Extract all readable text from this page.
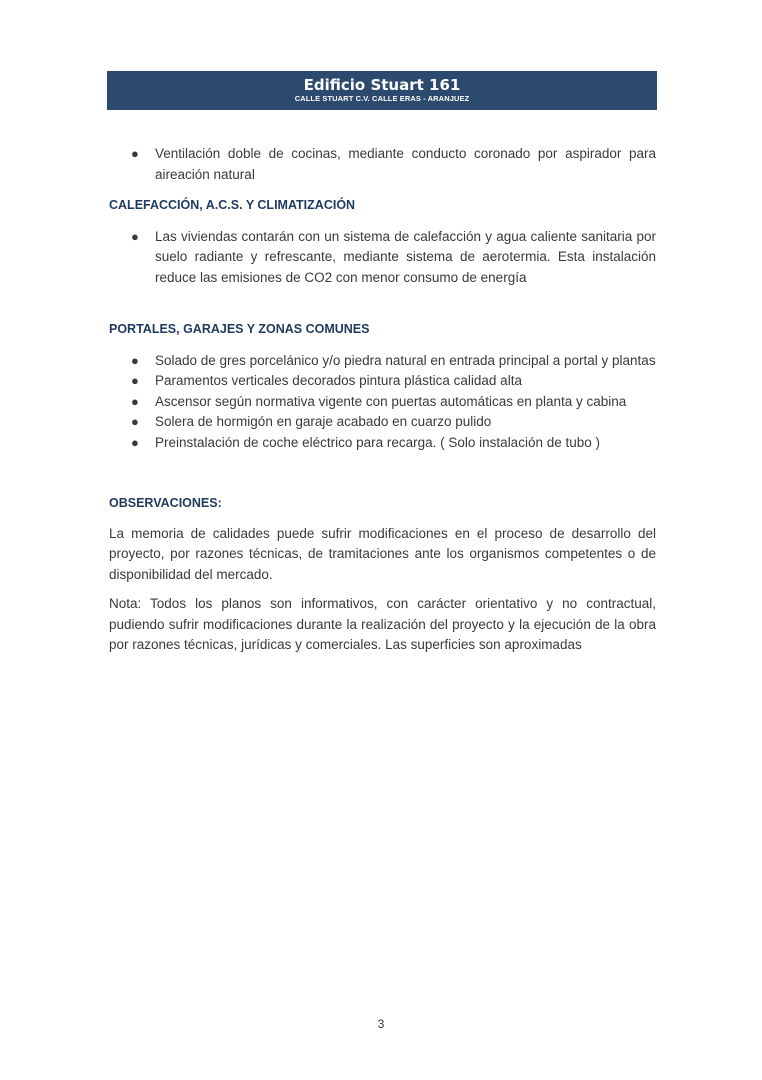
Edificio Stuart 161
CALLE STUART C.V. CALLE ERAS - ARANJUEZ
● Ventilación doble de cocinas, mediante conducto coronado por aspirador para aireación natural
CALEFACCIÓN, A.C.S. Y CLIMATIZACIÓN
● Las viviendas contarán con un sistema de calefacción y agua caliente sanitaria por suelo radiante y refrescante, mediante sistema de aerotermia. Esta instalación reduce las emisiones de CO2 con menor consumo de energía
PORTALES, GARAJES Y ZONAS COMUNES
● Solado de gres porcelánico y/o piedra natural en entrada principal a portal y plantas
● Paramentos verticales decorados pintura plástica calidad alta
● Ascensor según normativa vigente con puertas automáticas en planta y cabina
● Solera de hormigón en garaje acabado en cuarzo pulido
● Preinstalación de coche eléctrico para recarga. ( Solo instalación de tubo )
OBSERVACIONES:

La memoria de calidades puede sufrir modificaciones en el proceso de desarrollo del proyecto, por razones técnicas, de tramitaciones ante los organismos competentes o de disponibilidad del mercado.

Nota: Todos los planos son informativos, con carácter orientativo y no contractual, pudiendo sufrir modificaciones durante la realización del proyecto y la ejecución de la obra por razones técnicas, jurídicas y comerciales. Las superficies son aproximadas

3
